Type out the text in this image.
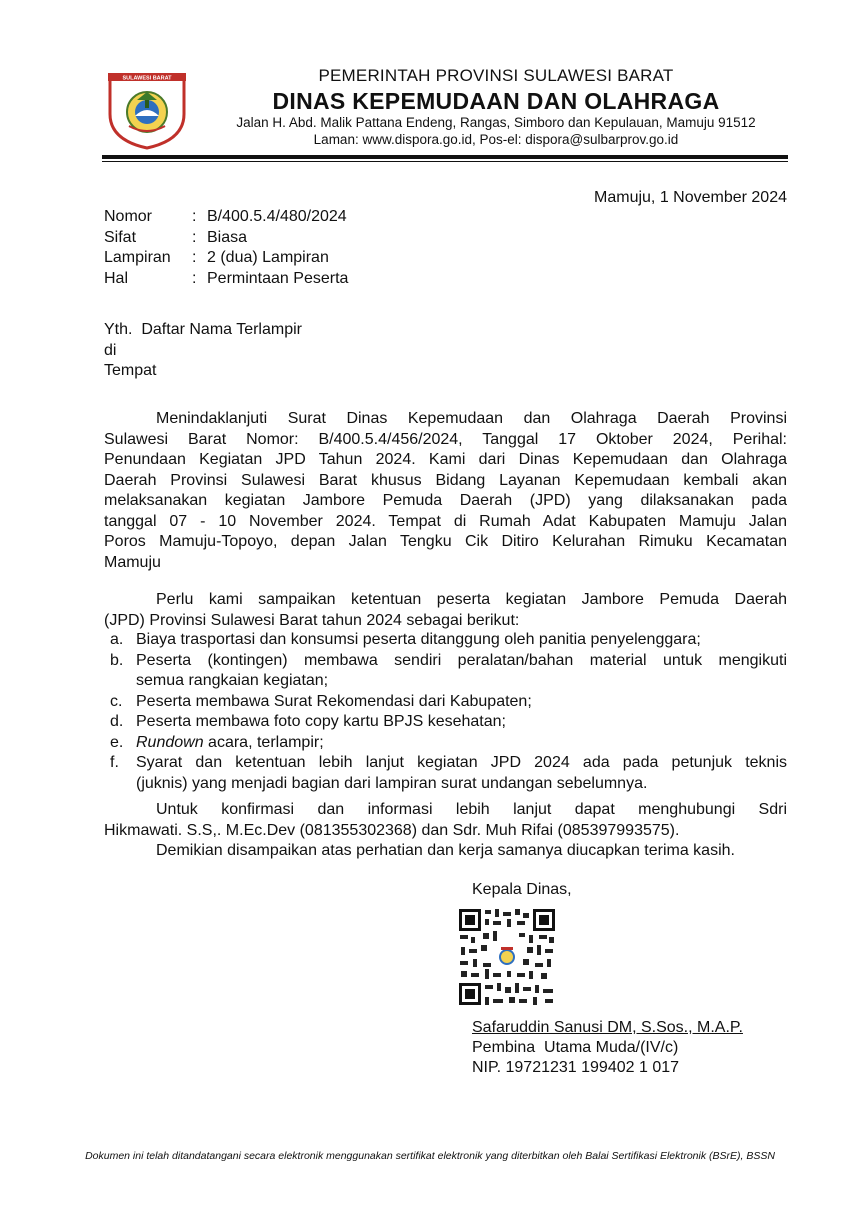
SULAWESI BARAT	PEMERINTAH PROVINSI SULAWESI BARAT
DINAS KEPEMUDAAN DAN OLAHRAGA
Jalan H. Abd. Malik Pattana Endeng, Rangas, Simboro dan Kepulauan, Mamuju 91512
Laman: www.dispora.go.id, Pos-el: dispora@sulbarprov.go.id
Mamuju, 1 November 2024
Nomor : B/400.5.4/480/2024
Sifat	: Biasa
Lampiran : 2 (dua) Lampiran
Hal	: Permintaan Peserta
Yth.  Daftar Nama Terlampir
di
Tempat
Menindaklanjuti Surat Dinas Kepemudaan dan Olahraga Daerah Provinsi
Sulawesi Barat Nomor: B/400.5.4/456/2024, Tanggal 17 Oktober 2024, Perihal:
Penundaan Kegiatan JPD Tahun 2024. Kami dari Dinas Kepemudaan dan Olahraga
Daerah Provinsi Sulawesi Barat khusus Bidang Layanan Kepemudaan kembali akan
melaksanakan kegiatan Jambore Pemuda Daerah (JPD) yang dilaksanakan pada
tanggal 07 - 10 November 2024. Tempat di Rumah Adat Kabupaten Mamuju Jalan
Poros Mamuju-Topoyo, depan Jalan Tengku Cik Ditiro Kelurahan Rimuku Kecamatan
Mamuju
Perlu kami sampaikan ketentuan peserta kegiatan Jambore Pemuda Daerah
(JPD) Provinsi Sulawesi Barat tahun 2024 sebagai berikut:
a. Biaya trasportasi dan konsumsi peserta ditanggung oleh panitia penyelenggara;
b. Peserta (kontingen) membawa sendiri peralatan/bahan material untuk mengikuti
semua rangkaian kegiatan;
c. Peserta membawa Surat Rekomendasi dari Kabupaten;
d. Peserta membawa foto copy kartu BPJS kesehatan;
e. Rundown acara, terlampir;
f. Syarat dan ketentuan lebih lanjut kegiatan JPD 2024 ada pada petunjuk teknis
(juknis) yang menjadi bagian dari lampiran surat undangan sebelumnya.
Untuk konfirmasi dan informasi lebih lanjut dapat menghubungi Sdri
Hikmawati. S.S,. M.Ec.Dev (081355302368) dan Sdr. Muh Rifai (085397993575).
Demikian disampaikan atas perhatian dan kerja samanya diucapkan terima kasih.
Kepala Dinas,
Safaruddin Sanusi DM, S.Sos., M.A.P.
Pembina  Utama Muda/(IV/c)
NIP. 19721231 199402 1 017
Dokumen ini telah ditandatangani secara elektronik menggunakan sertifikat elektronik yang diterbitkan oleh Balai Sertifikasi Elektronik (BSrE), BSSN
